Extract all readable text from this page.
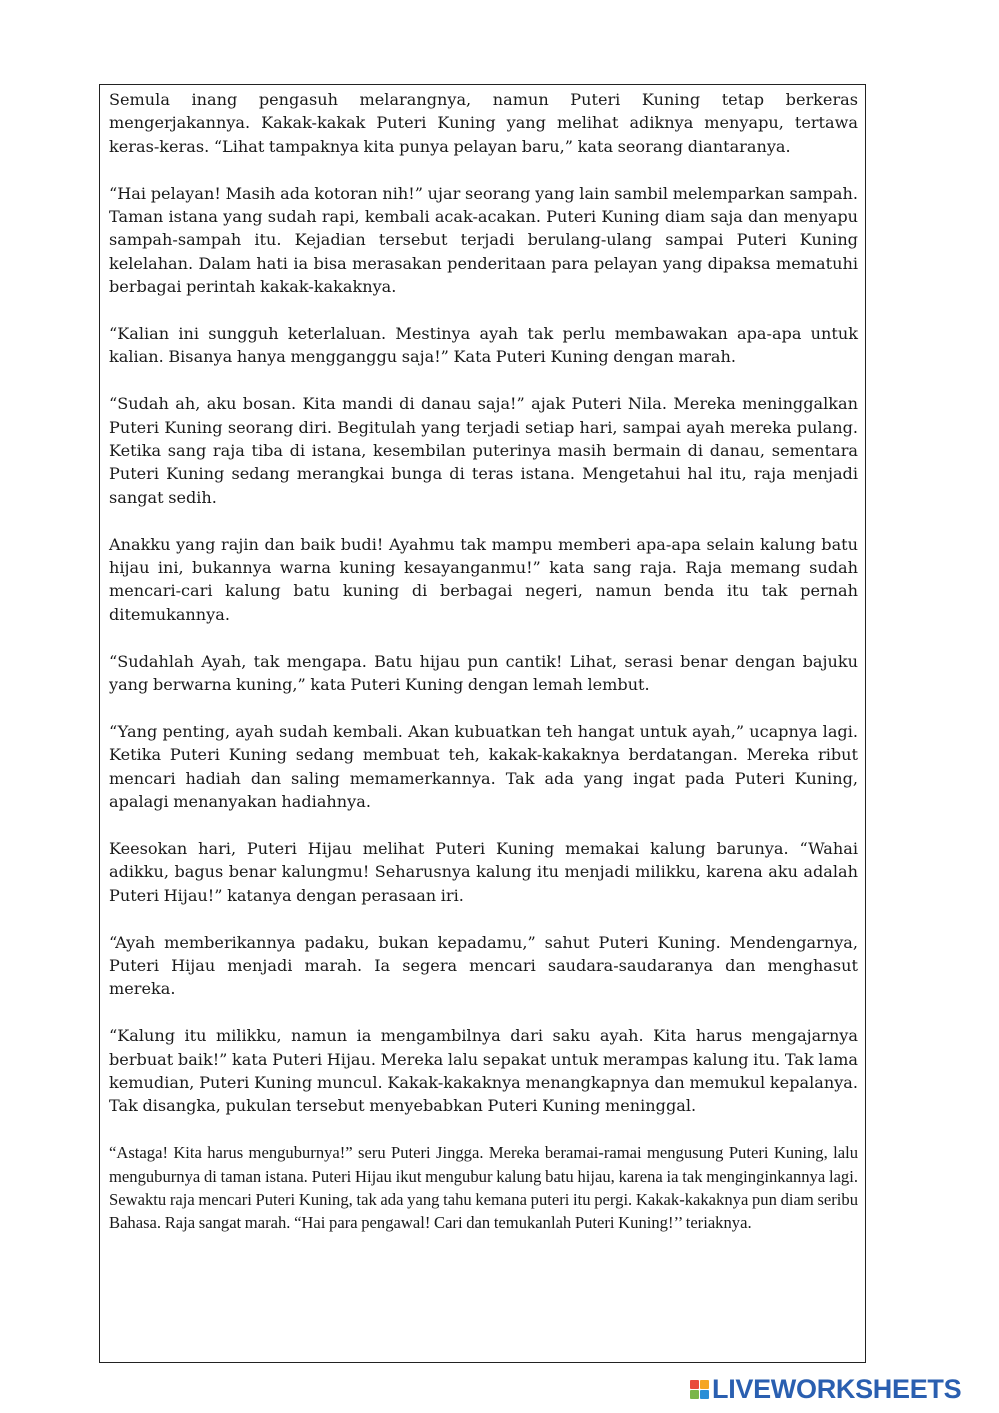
Semula inang pengasuh melarangnya, namun Puteri Kuning tetap berkeras mengerjakannya. Kakak-kakak Puteri Kuning yang melihat adiknya menyapu, tertawa keras-keras. “Lihat tampaknya kita punya pelayan baru,” kata seorang diantaranya.

“Hai pelayan! Masih ada kotoran nih!” ujar seorang yang lain sambil melemparkan sampah. Taman istana yang sudah rapi, kembali acak-acakan. Puteri Kuning diam saja dan menyapu sampah-sampah itu. Kejadian tersebut terjadi berulang-ulang sampai Puteri Kuning kelelahan. Dalam hati ia bisa merasakan penderitaan para pelayan yang dipaksa mematuhi berbagai perintah kakak-kakaknya.

“Kalian ini sungguh keterlaluan. Mestinya ayah tak perlu membawakan apa-apa untuk kalian. Bisanya hanya mengganggu saja!” Kata Puteri Kuning dengan marah.

“Sudah ah, aku bosan. Kita mandi di danau saja!” ajak Puteri Nila. Mereka meninggalkan Puteri Kuning seorang diri. Begitulah yang terjadi setiap hari, sampai ayah mereka pulang. Ketika sang raja tiba di istana, kesembilan puterinya masih bermain di danau, sementara Puteri Kuning sedang merangkai bunga di teras istana. Mengetahui hal itu, raja menjadi sangat sedih.

Anakku yang rajin dan baik budi! Ayahmu tak mampu memberi apa-apa selain kalung batu hijau ini, bukannya warna kuning kesayanganmu!” kata sang raja. Raja memang sudah mencari-cari kalung batu kuning di berbagai negeri, namun benda itu tak pernah ditemukannya.

“Sudahlah Ayah, tak mengapa. Batu hijau pun cantik! Lihat, serasi benar dengan bajuku yang berwarna kuning,” kata Puteri Kuning dengan lemah lembut.

“Yang penting, ayah sudah kembali. Akan kubuatkan teh hangat untuk ayah,” ucapnya lagi. Ketika Puteri Kuning sedang membuat teh, kakak-kakaknya berdatangan. Mereka ribut mencari hadiah dan saling memamerkannya. Tak ada yang ingat pada Puteri Kuning, apalagi menanyakan hadiahnya.

Keesokan hari, Puteri Hijau melihat Puteri Kuning memakai kalung barunya. “Wahai adikku, bagus benar kalungmu! Seharusnya kalung itu menjadi milikku, karena aku adalah Puteri Hijau!” katanya dengan perasaan iri.

“Ayah memberikannya padaku, bukan kepadamu,” sahut Puteri Kuning. Mendengarnya, Puteri Hijau menjadi marah. Ia segera mencari saudara-saudaranya dan menghasut mereka.

“Kalung itu milikku, namun ia mengambilnya dari saku ayah. Kita harus mengajarnya berbuat baik!” kata Puteri Hijau. Mereka lalu sepakat untuk merampas kalung itu. Tak lama kemudian, Puteri Kuning muncul. Kakak-kakaknya menangkapnya dan memukul kepalanya. Tak disangka, pukulan tersebut menyebabkan Puteri Kuning meninggal.

“Astaga! Kita harus menguburnya!” seru Puteri Jingga. Mereka beramai-ramai mengusung Puteri Kuning, lalu menguburnya di taman istana. Puteri Hijau ikut mengubur kalung batu hijau, karena ia tak menginginkannya lagi. Sewaktu raja mencari Puteri Kuning, tak ada yang tahu kemana puteri itu pergi. Kakak-kakaknya pun diam seribu Bahasa. Raja sangat marah. “Hai para pengawal! Cari dan temukanlah Puteri Kuning!’’ teriaknya.

LIVEWORKSHEETS
